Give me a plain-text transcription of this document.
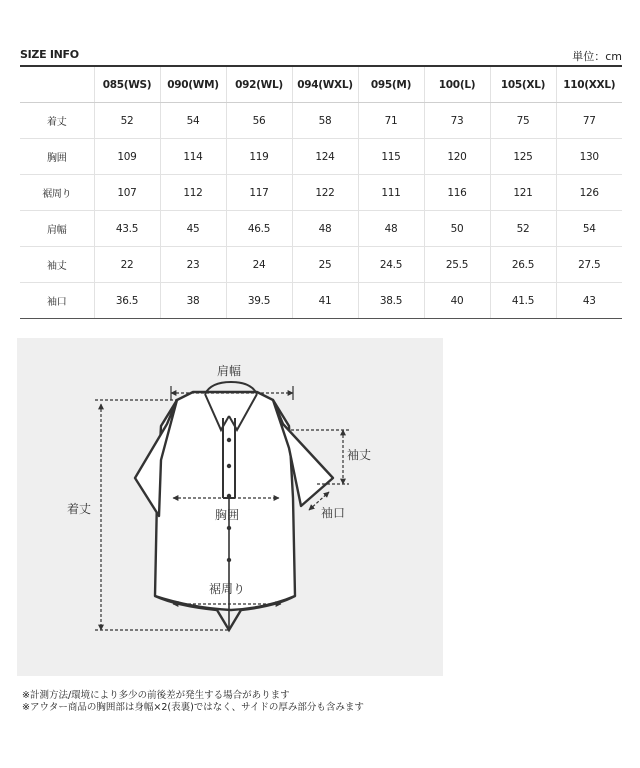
SIZE INFO	単位：cm
	085(WS)	090(WM)	092(WL)	094(WXL)	095(M)	100(L)	105(XL)	110(XXL)
着丈	52	54	56	58	71	73	75	77
胸囲	109	114	119	124	115	120	125	130
裾周り	107	112	117	122	111	116	121	126
肩幅	43.5	45	46.5	48	48	50	52	54
袖丈	22	23	24	25	24.5	25.5	26.5	27.5
袖口	36.5	38	39.5	41	38.5	40	41.5	43
肩幅
袖丈
着丈	胸囲	袖口
裾周り
※計測方法/環境により多少の前後差が発生する場合があります
※アウター商品の胸囲部は身幅×2(表裏)ではなく、サイドの厚み部分も含みます
